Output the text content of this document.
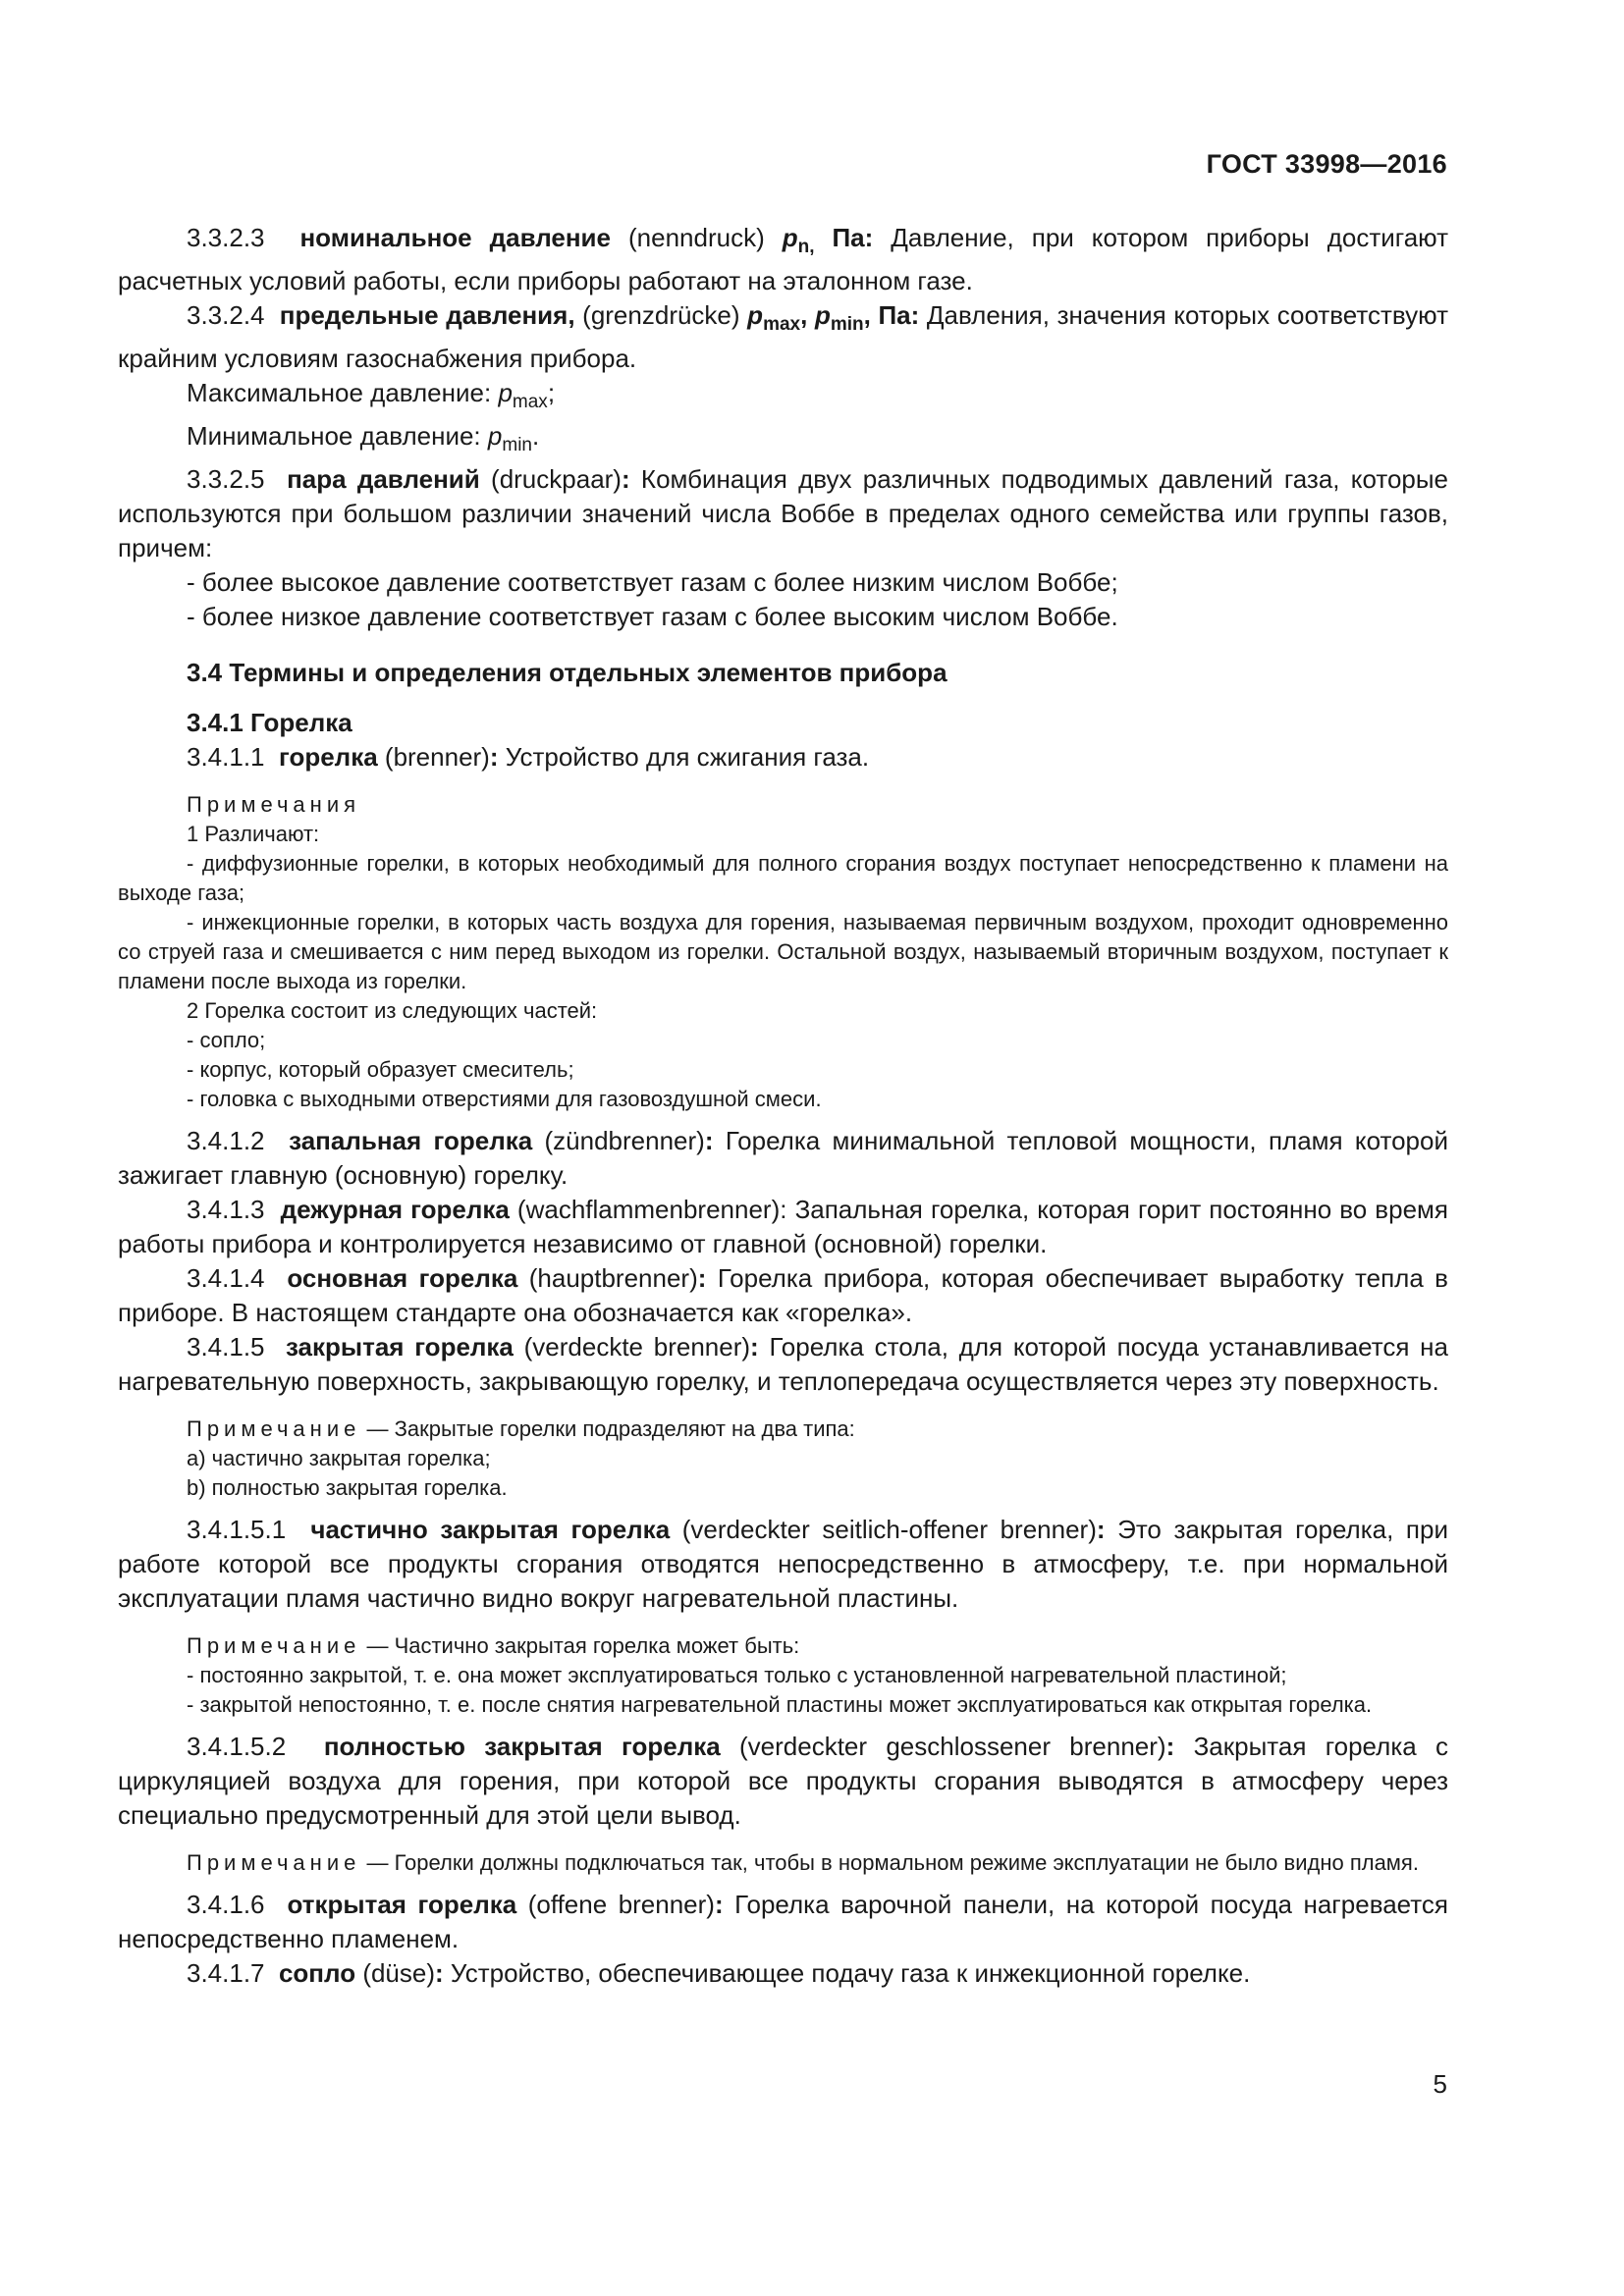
ГОСТ 33998—2016

3.3.2.3 номинальное давление (nenndruck) $p_{n,}$ Па: Давление, при котором приборы достигают расчетных условий работы, если приборы работают на эталонном газе.

3.3.2.4 предельные давления, (grenzdrücke) $p_{max}$, $p_{min}$, Па: Давления, значения которых соответствуют крайним условиям газоснабжения прибора.

Максимальное давление: $p_{max}$;

Минимальное давление: $p_{min}$.

3.3.2.5 пара давлений (druckpaar): Комбинация двух различных подводимых давлений газа, которые используются при большом различии значений числа Воббе в пределах одного семейства или группы газов, причем:

- более высокое давление соответствует газам с более низким числом Воббе;

- более низкое давление соответствует газам с более высоким числом Воббе.

3.4 Термины и определения отдельных элементов прибора

3.4.1 Горелка

3.4.1.1 горелка (brenner): Устройство для сжигания газа.

Примечания

1 Различают:

- диффузионные горелки, в которых необходимый для полного сгорания воздух поступает непосредственно к пламени на выходе газа;

- инжекционные горелки, в которых часть воздуха для горения, называемая первичным воздухом, проходит одновременно со струей газа и смешивается с ним перед выходом из горелки. Остальной воздух, называемый вторичным воздухом, поступает к пламени после выхода из горелки.

2 Горелка состоит из следующих частей:

- сопло;

- корпус, который образует смеситель;

- головка с выходными отверстиями для газовоздушной смеси.

3.4.1.2 запальная горелка (zündbrenner): Горелка минимальной тепловой мощности, пламя которой зажигает главную (основную) горелку.

3.4.1.3 дежурная горелка (wachflammenbrenner): Запальная горелка, которая горит постоянно во время работы прибора и контролируется независимо от главной (основной) горелки.

3.4.1.4 основная горелка (hauptbrenner): Горелка прибора, которая обеспечивает выработку тепла в приборе. В настоящем стандарте она обозначается как «горелка».

3.4.1.5 закрытая горелка (verdeckte brenner): Горелка стола, для которой посуда устанавливается на нагревательную поверхность, закрывающую горелку, и теплопередача осуществляется через эту поверхность.

Примечание — Закрытые горелки подразделяют на два типа:

а) частично закрытая горелка;

b) полностью закрытая горелка.

3.4.1.5.1 частично закрытая горелка (verdeckter seitlich-offener brenner): Это закрытая горелка, при работе которой все продукты сгорания отводятся непосредственно в атмосферу, т.е. при нормальной эксплуатации пламя частично видно вокруг нагревательной пластины.

Примечание — Частично закрытая горелка может быть:

- постоянно закрытой, т. е. она может эксплуатироваться только с установленной нагревательной пластиной;

- закрытой непостоянно, т. е. после снятия нагревательной пластины может эксплуатироваться как открытая горелка.

3.4.1.5.2 полностью закрытая горелка (verdeckter geschlossener brenner): Закрытая горелка с циркуляцией воздуха для горения, при которой все продукты сгорания выводятся в атмосферу через специально предусмотренный для этой цели вывод.

Примечание — Горелки должны подключаться так, чтобы в нормальном режиме эксплуатации не было видно пламя.

3.4.1.6 открытая горелка (offene brenner): Горелка варочной панели, на которой посуда нагревается непосредственно пламенем.

3.4.1.7 сопло (düse): Устройство, обеспечивающее подачу газа к инжекционной горелке.

5
